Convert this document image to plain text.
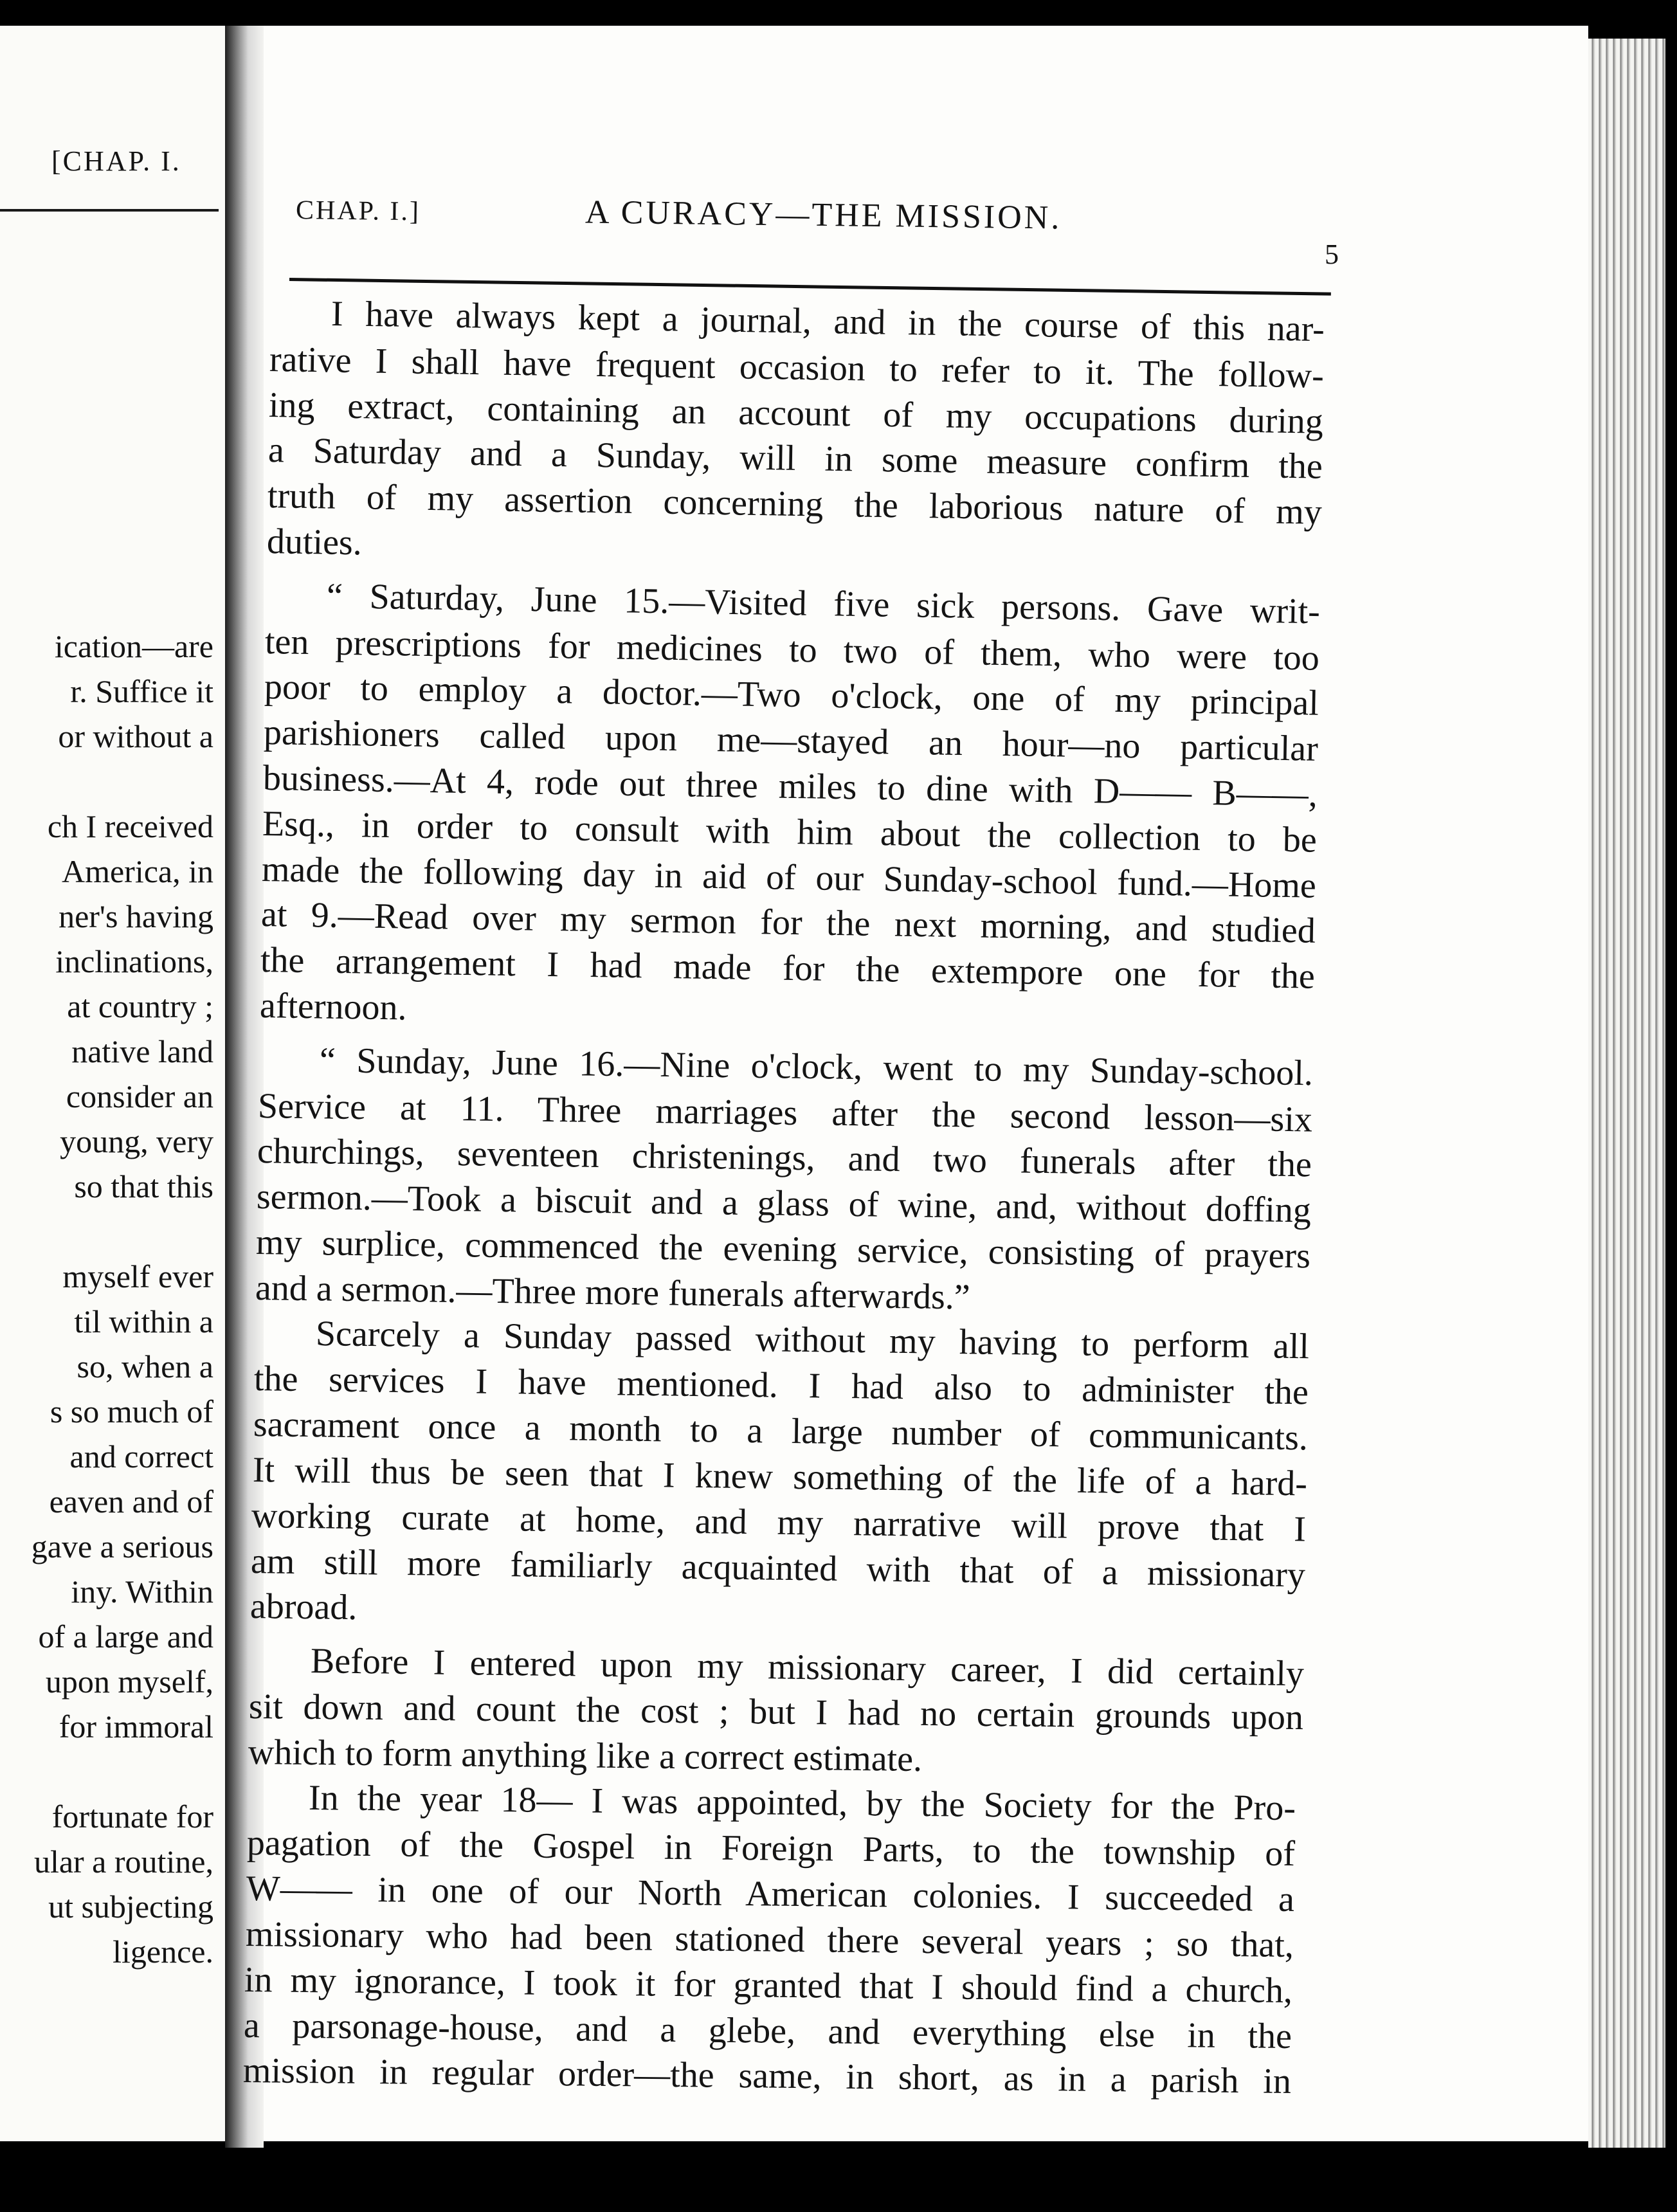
[CHAP. I.
ication—are
r. Suffice it
or without a
ch I received
America, in
ner's having
inclinations,
at country ;
native land
consider an
young, very
so that this
myself ever
til within a
so, when a
s so much of
and correct
eaven and of
gave a serious
iny. Within
of a large and
upon myself,
for immoral
fortunate for
ular a routine,
ut subjecting
ligence.
CHAP. I.]	A CURACY—THE MISSION.
5
I have always kept a journal, and in the course of this nar-
rative I shall have frequent occasion to refer to it. The follow-
ing extract, containing an account of my occupations during
a Saturday and a Sunday, will in some measure confirm the
truth of my assertion concerning the laborious nature of my
duties.
“ Saturday, June 15.—Visited five sick persons. Gave writ-
ten prescriptions for medicines to two of them, who were too
poor to employ a doctor.—Two o'clock, one of my principal
parishioners called upon me—stayed an hour—no particular
business.—At 4, rode out three miles to dine with D—— B——,
Esq., in order to consult with him about the collection to be
made the following day in aid of our Sunday-school fund.—Home
at 9.—Read over my sermon for the next morning, and studied
the arrangement I had made for the extempore one for the
afternoon.
“ Sunday, June 16.—Nine o'clock, went to my Sunday-school.
Service at 11. Three marriages after the second lesson—six
churchings, seventeen christenings, and two funerals after the
sermon.—Took a biscuit and a glass of wine, and, without doffing
my surplice, commenced the evening service, consisting of prayers
and a sermon.—Three more funerals afterwards.”
Scarcely a Sunday passed without my having to perform all
the services I have mentioned. I had also to administer the
sacrament once a month to a large number of communicants.
It will thus be seen that I knew something of the life of a hard-
working curate at home, and my narrative will prove that I
am still more familiarly acquainted with that of a missionary
abroad.
Before I entered upon my missionary career, I did certainly
sit down and count the cost ; but I had no certain grounds upon
which to form anything like a correct estimate.
In the year 18— I was appointed, by the Society for the Pro-
pagation of the Gospel in Foreign Parts, to the township of
W—— in one of our North American colonies. I succeeded a
missionary who had been stationed there several years ; so that,
in my ignorance, I took it for granted that I should find a church,
a parsonage-house, and a glebe, and everything else in the
mission in regular order—the same, in short, as in a parish in
